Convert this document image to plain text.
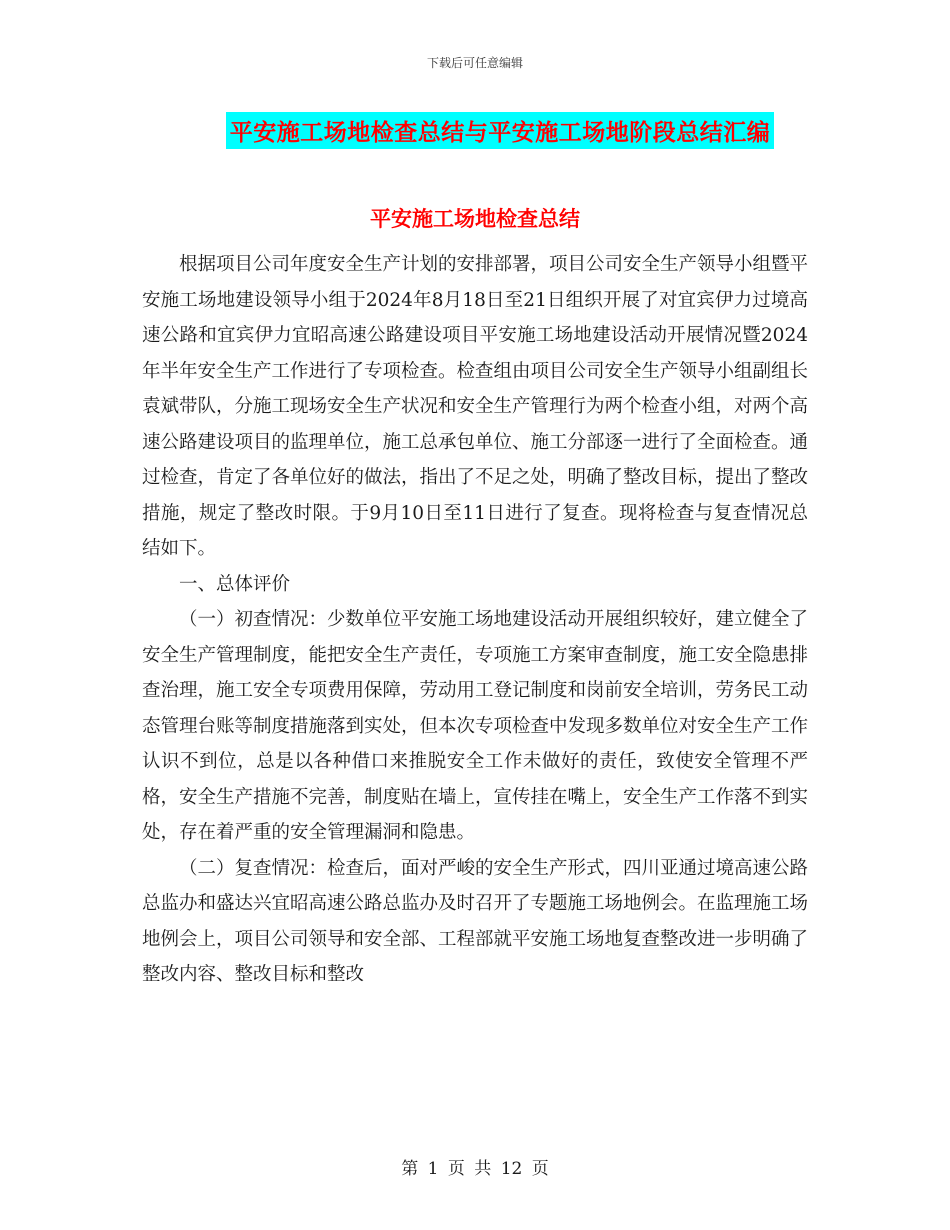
下载后可任意编辑
平安施工场地检查总结与平安施工场地阶段总结汇编
平安施工场地检查总结

根据项目公司年度安全生产计划的安排部署，项目公司安全生产领导小组暨平安施工场地建设领导小组于2024年8月18日至21日组织开展了对宜宾伊力过境高速公路和宜宾伊力宜昭高速公路建设项目平安施工场地建设活动开展情况暨2024年半年安全生产工作进行了专项检查。检查组由项目公司安全生产领导小组副组长袁斌带队，分施工现场安全生产状况和安全生产管理行为两个检查小组，对两个高速公路建设项目的监理单位，施工总承包单位、施工分部逐一进行了全面检查。通过检查，肯定了各单位好的做法，指出了不足之处，明确了整改目标，提出了整改措施，规定了整改时限。于9月10日至11日进行了复查。现将检查与复查情况总结如下。

一、总体评价

（一）初查情况：少数单位平安施工场地建设活动开展组织较好，建立健全了安全生产管理制度，能把安全生产责任，专项施工方案审查制度，施工安全隐患排查治理，施工安全专项费用保障，劳动用工登记制度和岗前安全培训，劳务民工动态管理台账等制度措施落到实处，但本次专项检查中发现多数单位对安全生产工作认识不到位，总是以各种借口来推脱安全工作未做好的责任，致使安全管理不严格，安全生产措施不完善，制度贴在墙上，宣传挂在嘴上，安全生产工作落不到实处，存在着严重的安全管理漏洞和隐患。

（二）复查情况：检查后，面对严峻的安全生产形式，四川亚通过境高速公路总监办和盛达兴宜昭高速公路总监办及时召开了专题施工场地例会。在监理施工场地例会上，项目公司领导和安全部、工程部就平安施工场地复查整改进一步明确了整改内容、整改目标和整改

第 1 页 共 12 页
